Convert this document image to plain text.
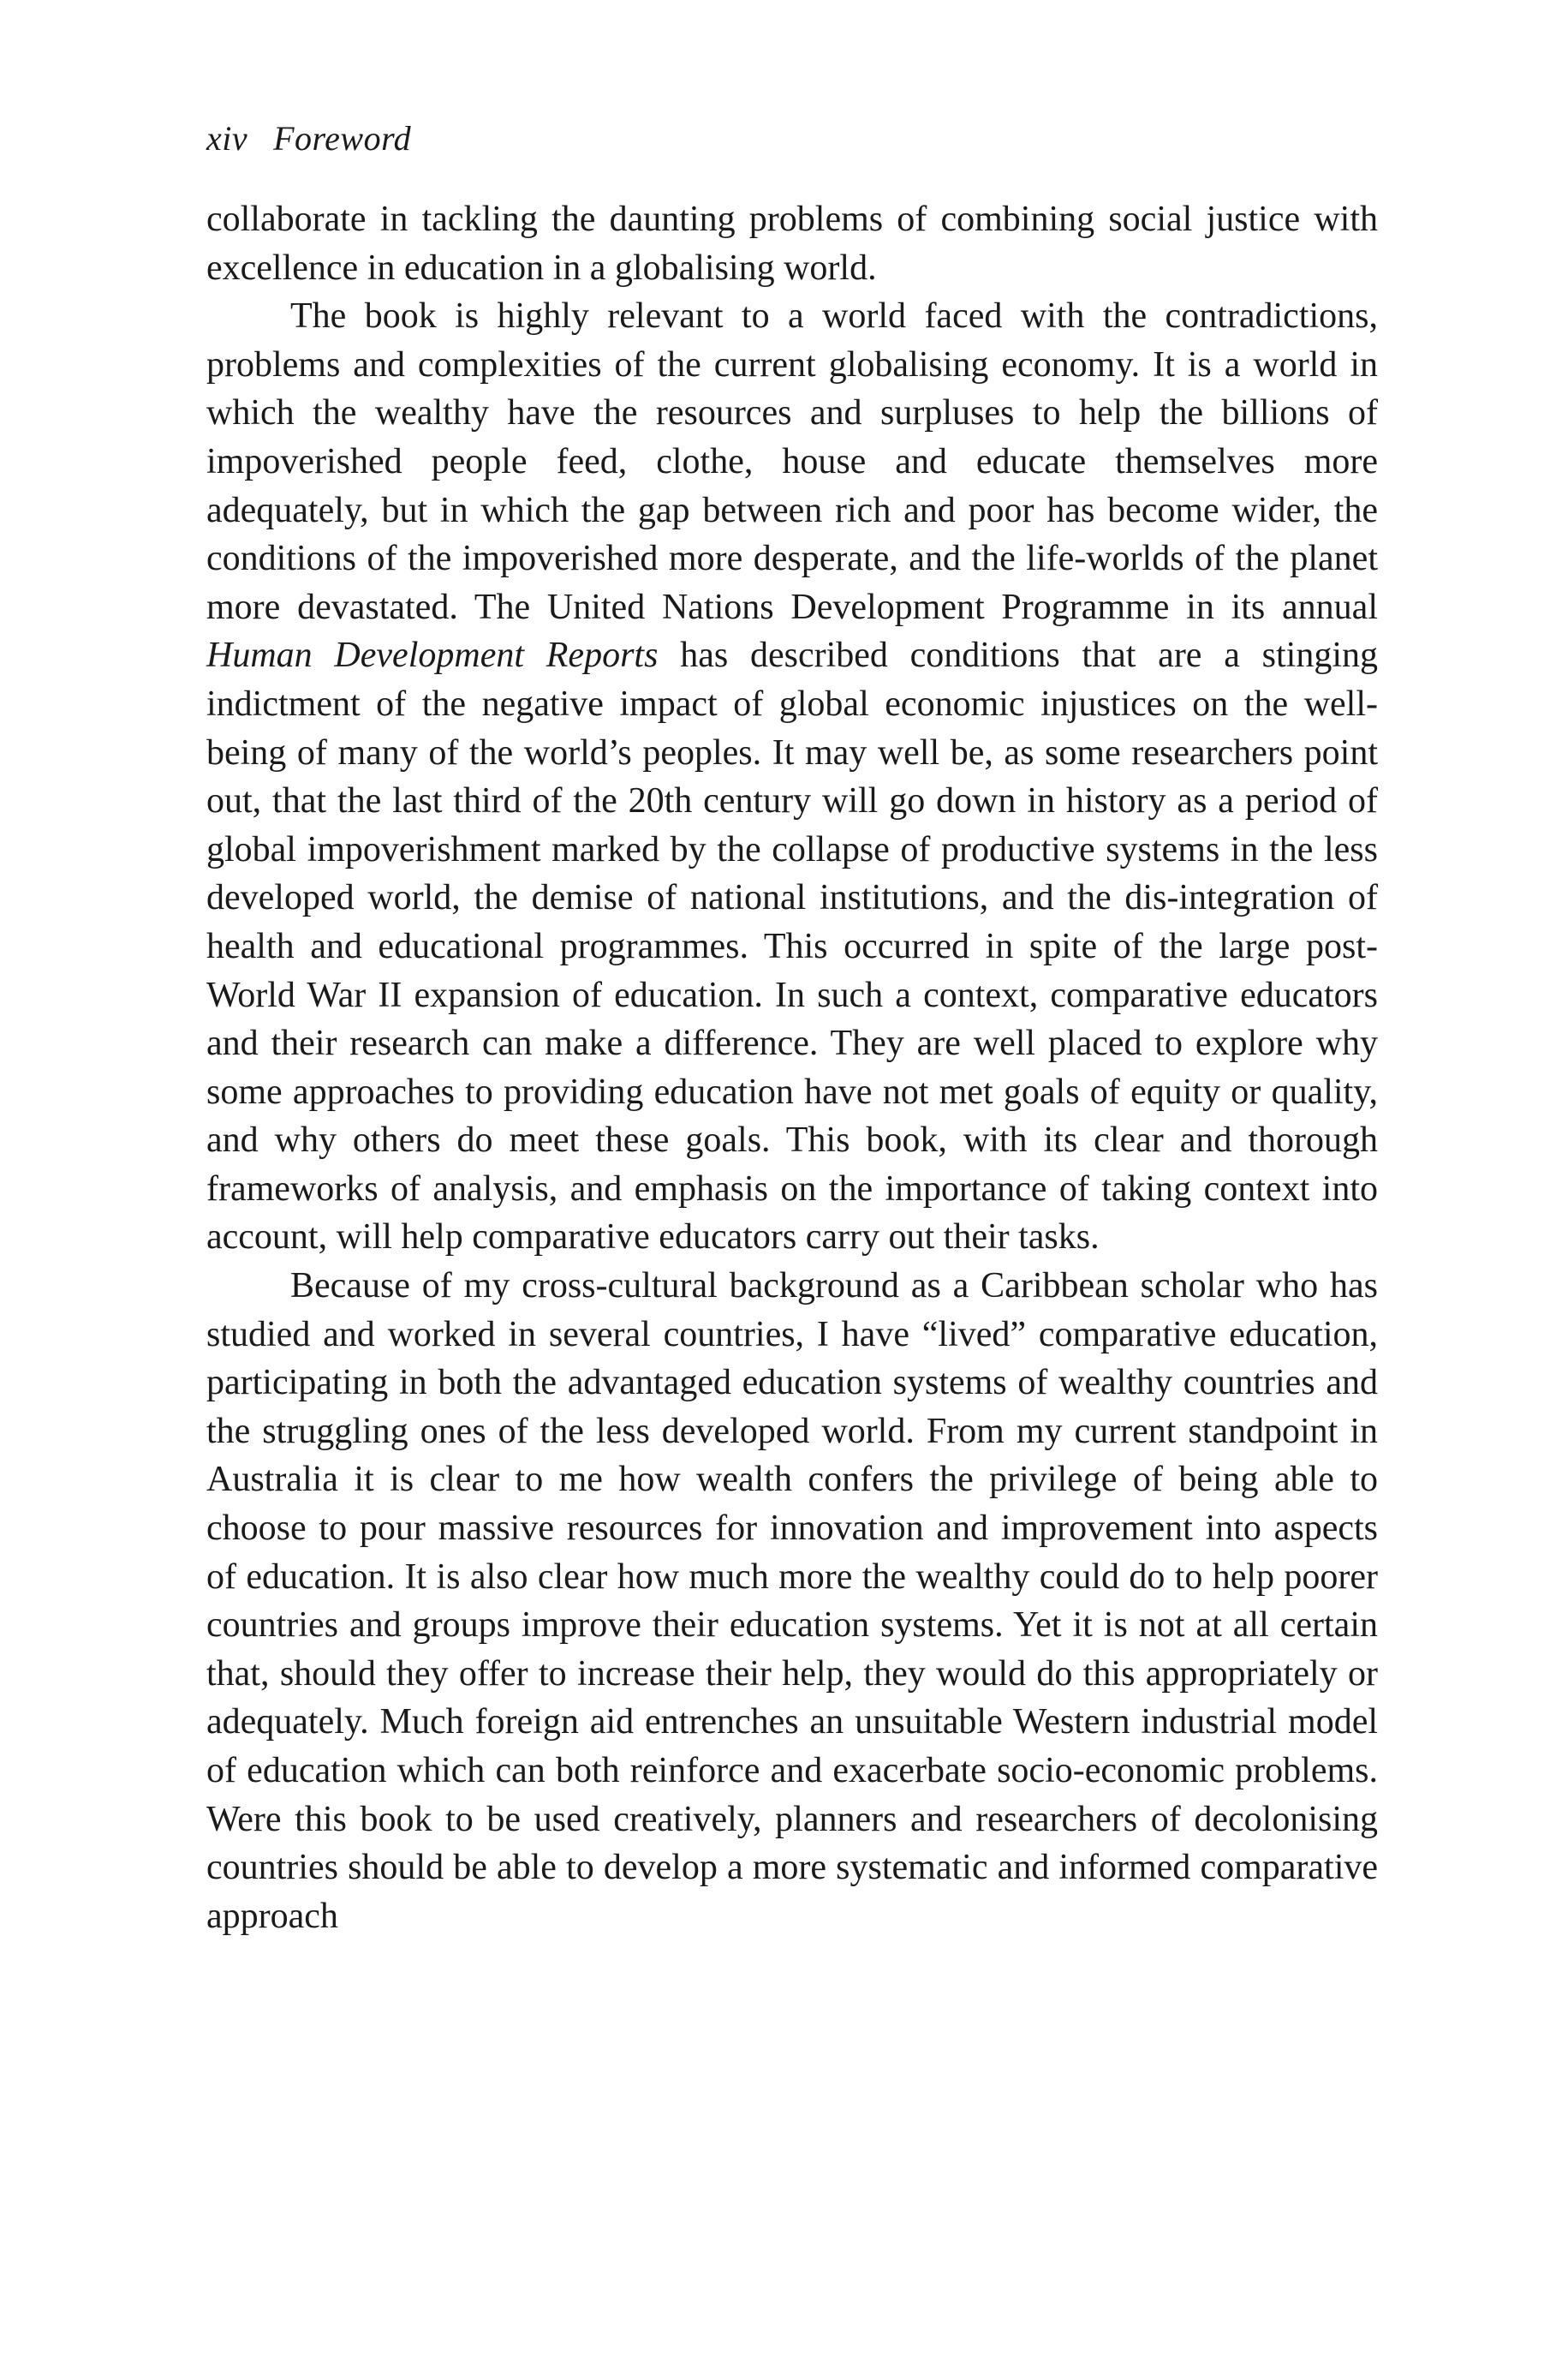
xiv Foreword

collaborate in tackling the daunting problems of combining social justice with excellence in education in a globalising world.

The book is highly relevant to a world faced with the contradictions, problems and complexities of the current globalising economy. It is a world in which the wealthy have the resources and surpluses to help the billions of impoverished people feed, clothe, house and educate themselves more adequately, but in which the gap between rich and poor has become wider, the conditions of the impoverished more desperate, and the life-worlds of the planet more devastated. The United Nations Development Programme in its annual Human Development Reports has described conditions that are a stinging indictment of the negative impact of global economic injustices on the well-being of many of the world’s peoples. It may well be, as some researchers point out, that the last third of the 20th century will go down in history as a period of global impoverishment marked by the collapse of productive systems in the less developed world, the demise of national institutions, and the dis-integration of health and educational programmes. This occurred in spite of the large post-World War II expansion of education. In such a context, comparative educators and their research can make a difference. They are well placed to explore why some approaches to providing education have not met goals of equity or quality, and why others do meet these goals. This book, with its clear and thorough frameworks of analysis, and emphasis on the importance of taking context into account, will help comparative educators carry out their tasks.

Because of my cross-cultural background as a Caribbean scholar who has studied and worked in several countries, I have “lived” comparative education, participating in both the advantaged education systems of wealthy countries and the struggling ones of the less developed world. From my current standpoint in Australia it is clear to me how wealth confers the privilege of being able to choose to pour massive resources for innovation and improvement into aspects of education. It is also clear how much more the wealthy could do to help poorer countries and groups improve their education systems. Yet it is not at all certain that, should they offer to increase their help, they would do this appropriately or adequately. Much foreign aid entrenches an unsuitable Western industrial model of education which can both reinforce and exacerbate socio-economic problems. Were this book to be used creatively, planners and researchers of decolonising countries should be able to develop a more systematic and informed comparative approach
